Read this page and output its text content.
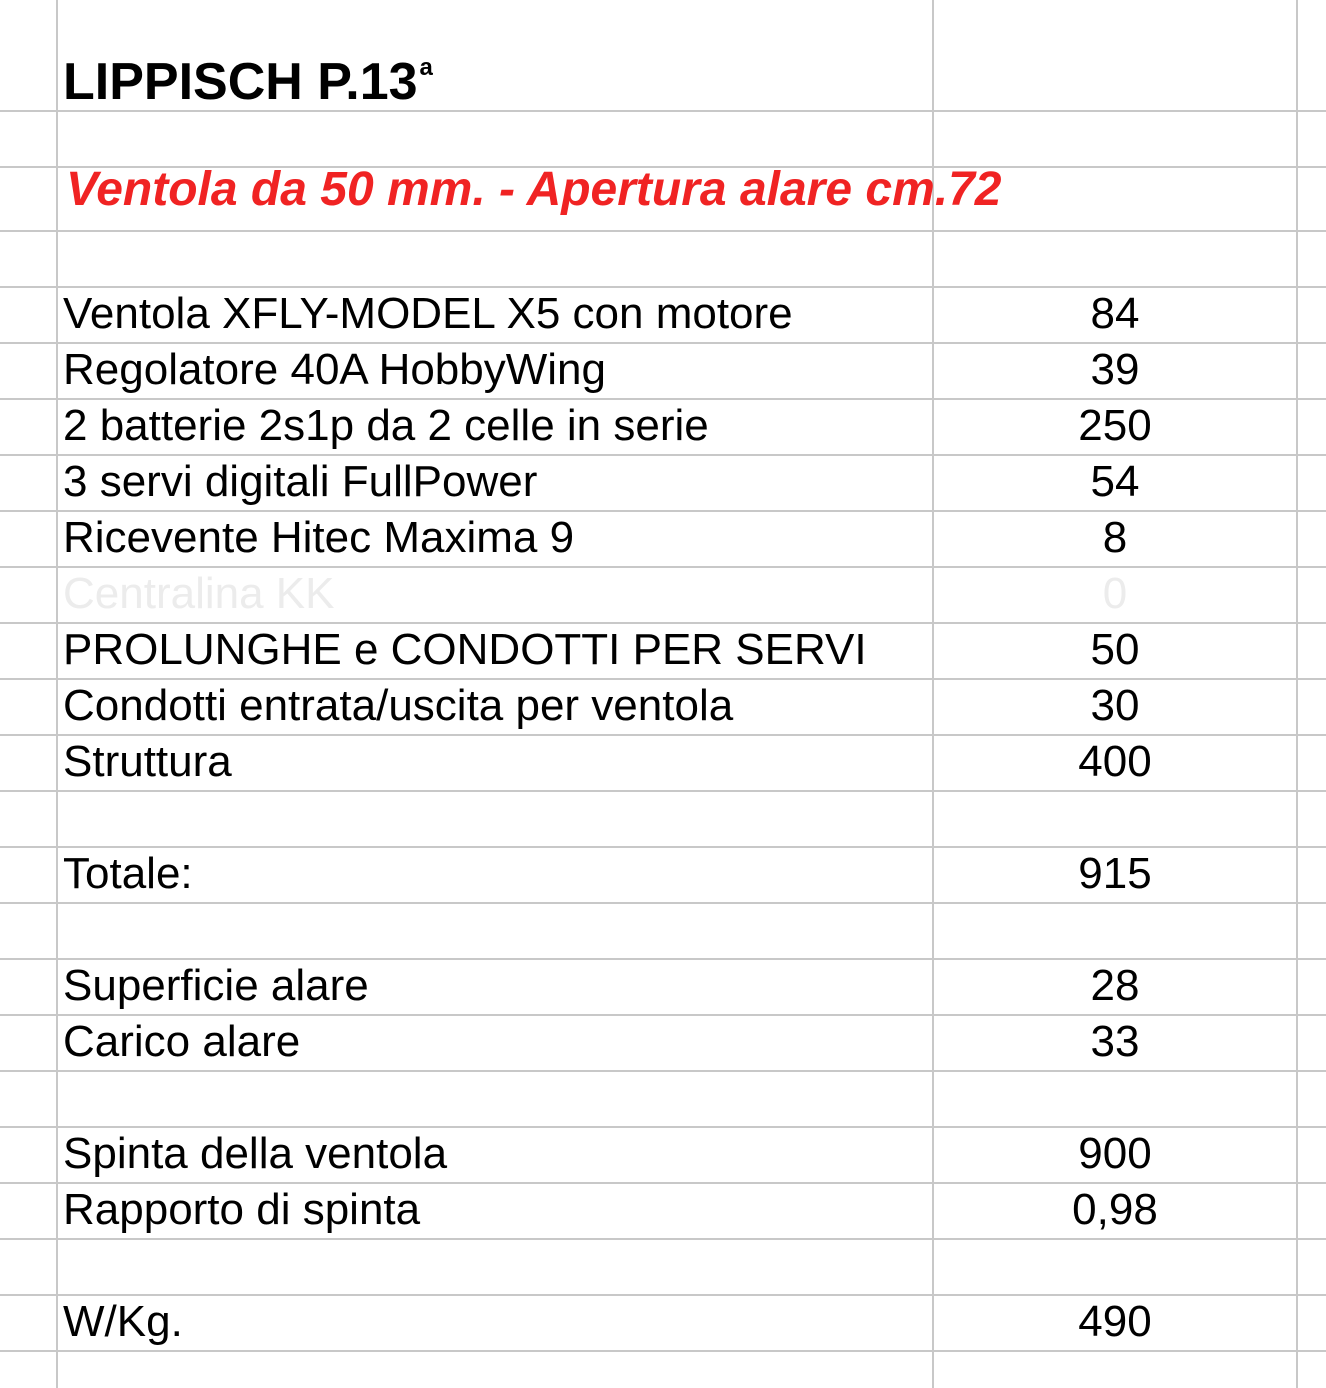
LIPPISCH P.13$^a$
Ventola da 50 mm. - Apertura alare cm.72
Ventola XFLY-MODEL X5 con motore	84
Regolatore 40A HobbyWing	39
2 batterie 2s1p da 2 celle in serie	250
3 servi digitali FullPower	54
Ricevente Hitec Maxima 9	8
Centralina KK	0
PROLUNGHE e CONDOTTI PER SERVI	50
Condotti entrata/uscita per ventola	30
Struttura	400
Totale:	915
Superficie alare	28
Carico alare	33
Spinta della ventola	900
Rapporto di spinta	0,98
W/Kg.	490
